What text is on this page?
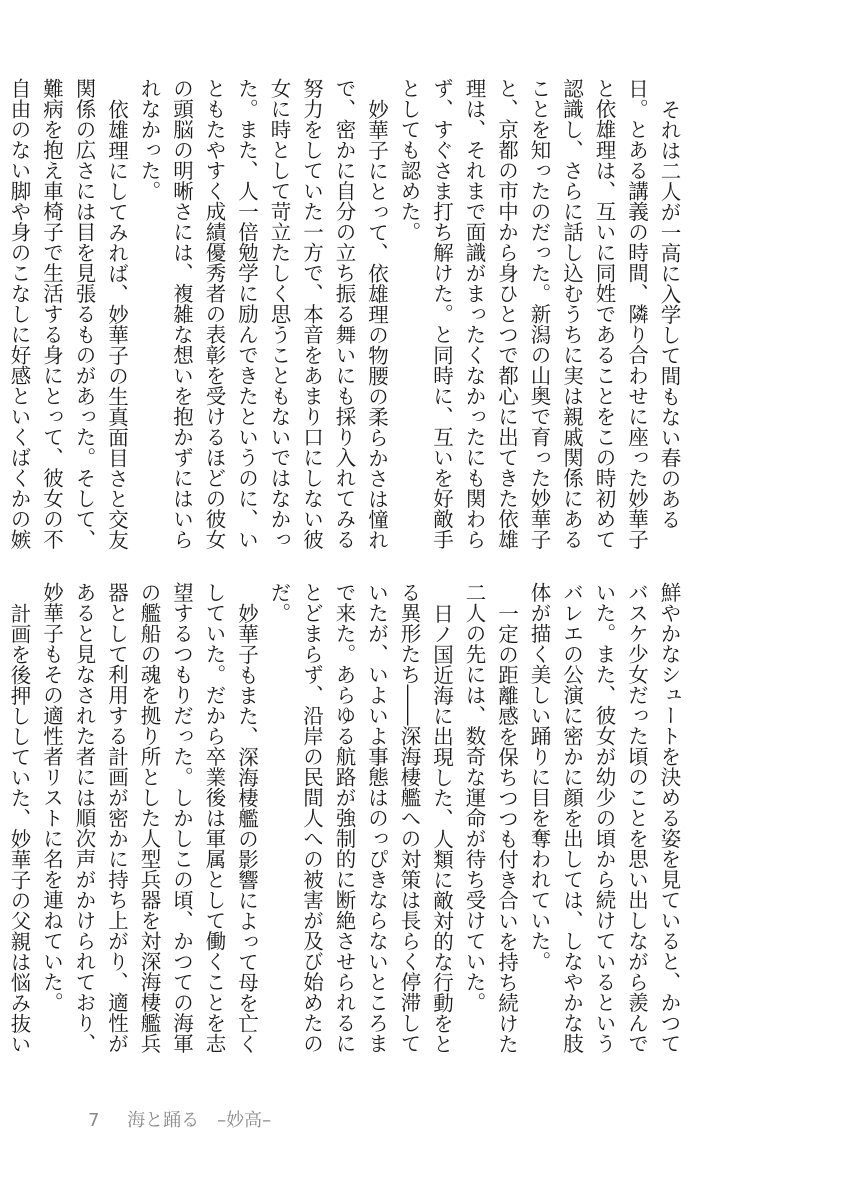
それは二人が一高に入学して間もない春のある日。とある講義の時間、隣り合わせに座った妙華子と依雄理は、互いに同姓であることをこの時初めて認識し、さらに話し込むうちに実は親戚関係にあることを知ったのだった。新潟の山奥で育った妙華子と、京都の市中から身ひとつで都心に出てきた依雄理は、それまで面識がまったくなかったにも関わらず、すぐさま打ち解けた。と同時に、互いを好敵手としても認めた。

妙華子にとって、依雄理の物腰の柔らかさは憧れで、密かに自分の立ち振る舞いにも採り入れてみる努力をしていた一方で、本音をあまり口にしない彼女に時として苛立たしく思うこともないではなかった。また、人一倍勉学に励んできたというのに、いともたやすく成績優秀者の表彰を受けるほどの彼女の頭脳の明晰さには、複雑な想いを抱かずにはいられなかった。

依雄理にしてみれば、妙華子の生真面目さと交友関係の広さには目を見張るものがあった。そして、難病を抱え車椅子で生活する身にとって、彼女の不自由のない脚や身のこなしに好感といくばくかの嫉

鮮やかなシュートを決める姿を見ていると、かつてバスケ少女だった頃のことを思い出しながら羨んでいた。また、彼女が幼少の頃から続けているというバレエの公演に密かに顔を出しては、しなやかな肢体が描く美しい踊りに目を奪われていた。

一定の距離感を保ちつつも付き合いを持ち続けた二人の先には、数奇な運命が待ち受けていた。

日ノ国近海に出現した、人類に敵対的な行動をとる異形たち――深海棲艦への対策は長らく停滞していたが、いよいよ事態はのっぴきならないところまで来た。あらゆる航路が強制的に断絶させられるにとどまらず、沿岸の民間人への被害が及び始めたのだ。

妙華子もまた、深海棲艦の影響によって母を亡くしていた。だから卒業後は軍属として働くことを志望するつもりだった。しかしこの頃、かつての海軍の艦船の魂を拠り所とした人型兵器を対深海棲艦兵器として利用する計画が密かに持ち上がり、適性があると見なされた者には順次声がかけられており、妙華子もその適性者リストに名を連ねていた。

計画を後押ししていた、妙華子の父親は悩み抜い

7 海と踊る　–妙高–
